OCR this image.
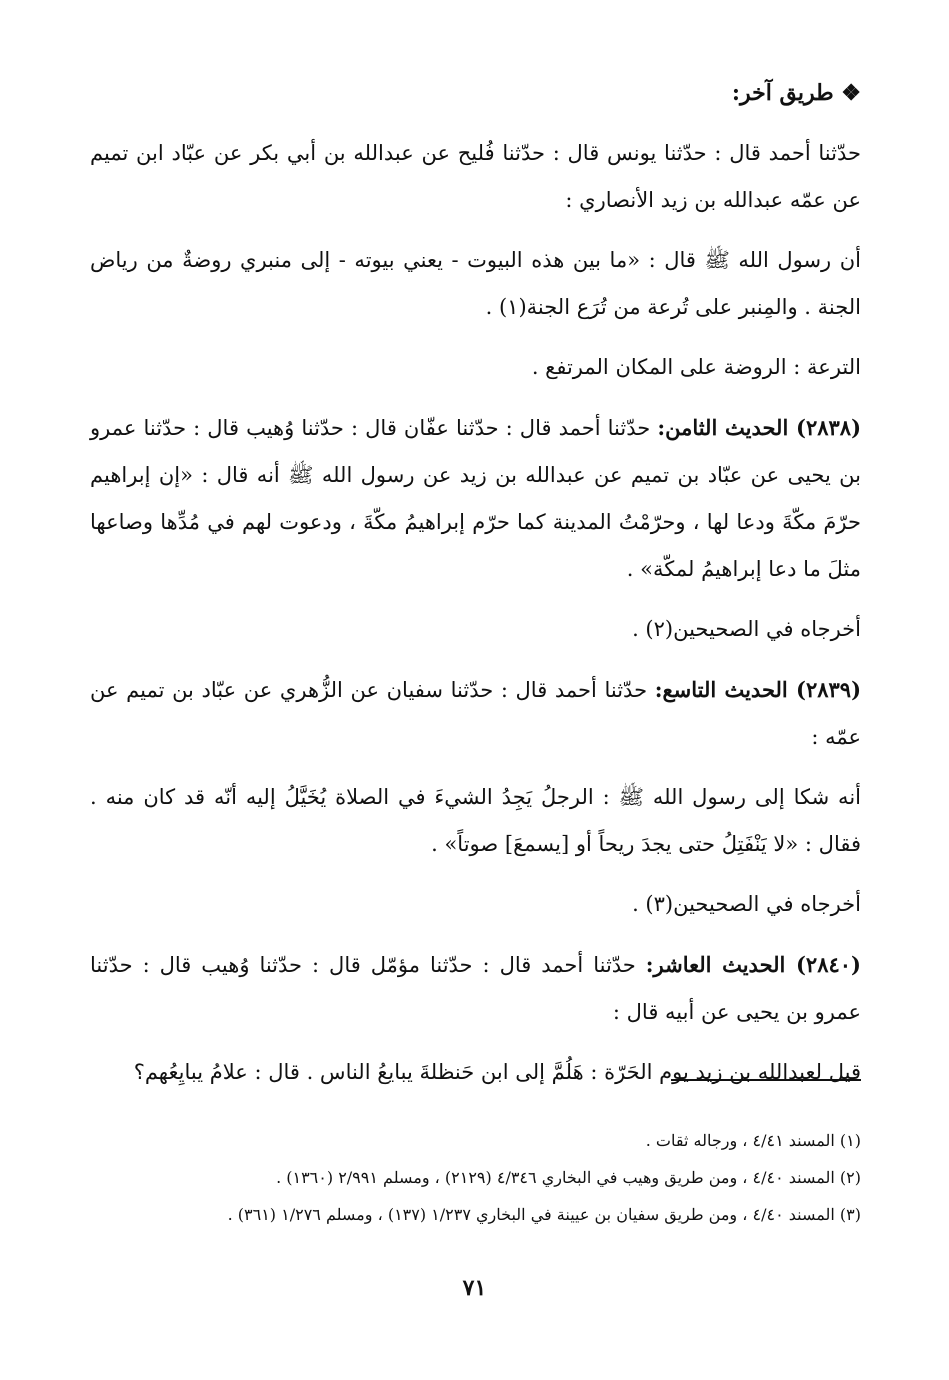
❖ طريق آخر:

حدّثنا أحمد قال : حدّثنا يونس قال : حدّثنا فُليح عن عبدالله بن أبي بكر عن عبّاد ابن تميم عن عمّه عبدالله بن زيد الأنصاري :

أن رسول الله ﷺ قال : «ما بين هذه البيوت - يعني بيوته - إلى منبري روضةٌ من رياض الجنة . والمِنبر على تُرعة من تُرَع الجنة(١) .

الترعة : الروضة على المكان المرتفع .

(٢٨٣٨) الحديث الثامن: حدّثنا أحمد قال : حدّثنا عفّان قال : حدّثنا وُهيب قال : حدّثنا عمرو بن يحيى عن عبّاد بن تميم عن عبدالله بن زيد عن رسول الله ﷺ أنه قال : «إن إبراهيم حرّمَ مكّةَ ودعا لها ، وحرّمْتُ المدينة كما حرّم إبراهيمُ مكّةَ ، ودعوت لهم في مُدِّها وصاعها مثلَ ما دعا إبراهيمُ لمكّة» .

أخرجاه في الصحيحين(٢) .

(٢٨٣٩) الحديث التاسع: حدّثنا أحمد قال : حدّثنا سفيان عن الزُّهري عن عبّاد بن تميم عن عمّه :

أنه شكا إلى رسول الله ﷺ : الرجلُ يَجِدُ الشيءَ في الصلاة يُخَيَّلُ إليه أنّه قد كان منه . فقال : «لا يَنْفَتِلُ حتى يجدَ ريحاً أو [يسمعَ] صوتاً» .

أخرجاه في الصحيحين(٣) .

(٢٨٤٠) الحديث العاشر: حدّثنا أحمد قال : حدّثنا مؤمّل قال : حدّثنا وُهيب قال : حدّثنا عمرو بن يحيى عن أبيه قال :

قيل لعبدالله بن زيد يوم الحَرّة : هَلُمَّ إلى ابن حَنظلةَ يبايعُ الناس . قال : علامُ يبايِعُهم؟

(١) المسند ٤/٤١ ، ورجاله ثقات .

(٢) المسند ٤/٤٠ ، ومن طريق وهيب في البخاري ٤/٣٤٦ (٢١٢٩) ، ومسلم ٢/٩٩١ (١٣٦٠) .

(٣) المسند ٤/٤٠ ، ومن طريق سفيان بن عيينة في البخاري ١/٢٣٧ (١٣٧) ، ومسلم ١/٢٧٦ (٣٦١) .

٧١
